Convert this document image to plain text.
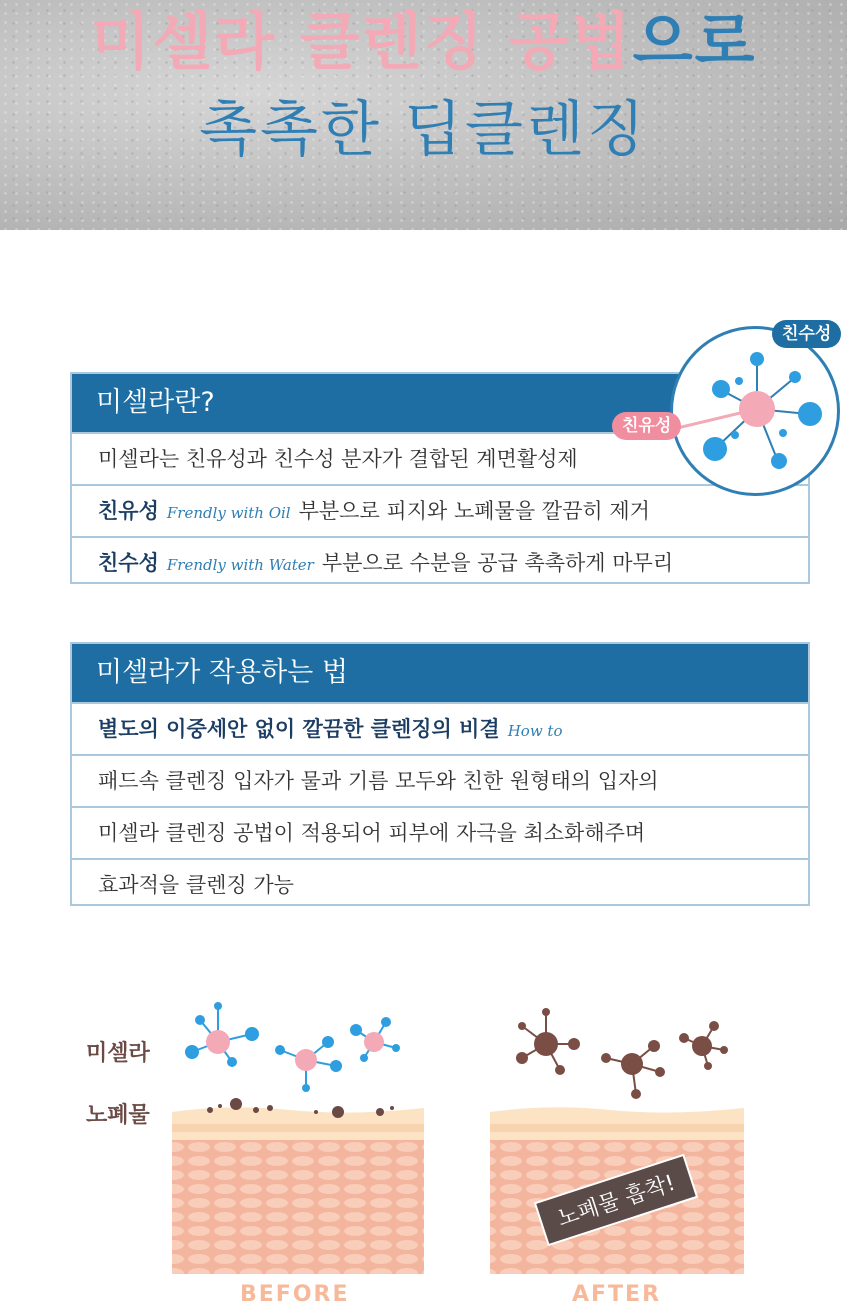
미셀라 클렌징 공법으로
촉촉한 딥클렌징
미셀라란?
미셀라는 친유성과 친수성 분자가 결합된 계면활성제
친유성 Frendly with Oil 부분으로 피지와 노폐물을 깔끔히 제거
친수성 Frendly with Water 부분으로 수분을 공급 촉촉하게 마무리
친수성
친유성
미셀라가 작용하는 법
별도의 이중세안 없이 깔끔한 클렌징의 비결 How to
패드속 클렌징 입자가 물과 기름 모두와 친한 원형태의 입자의
미셀라 클렌징 공법이 적용되어 피부에 자극을 최소화해주며
효과적을 클렌징 가능
미셀라
노폐물
노폐물 흡착!
BEFORE	AFTER
